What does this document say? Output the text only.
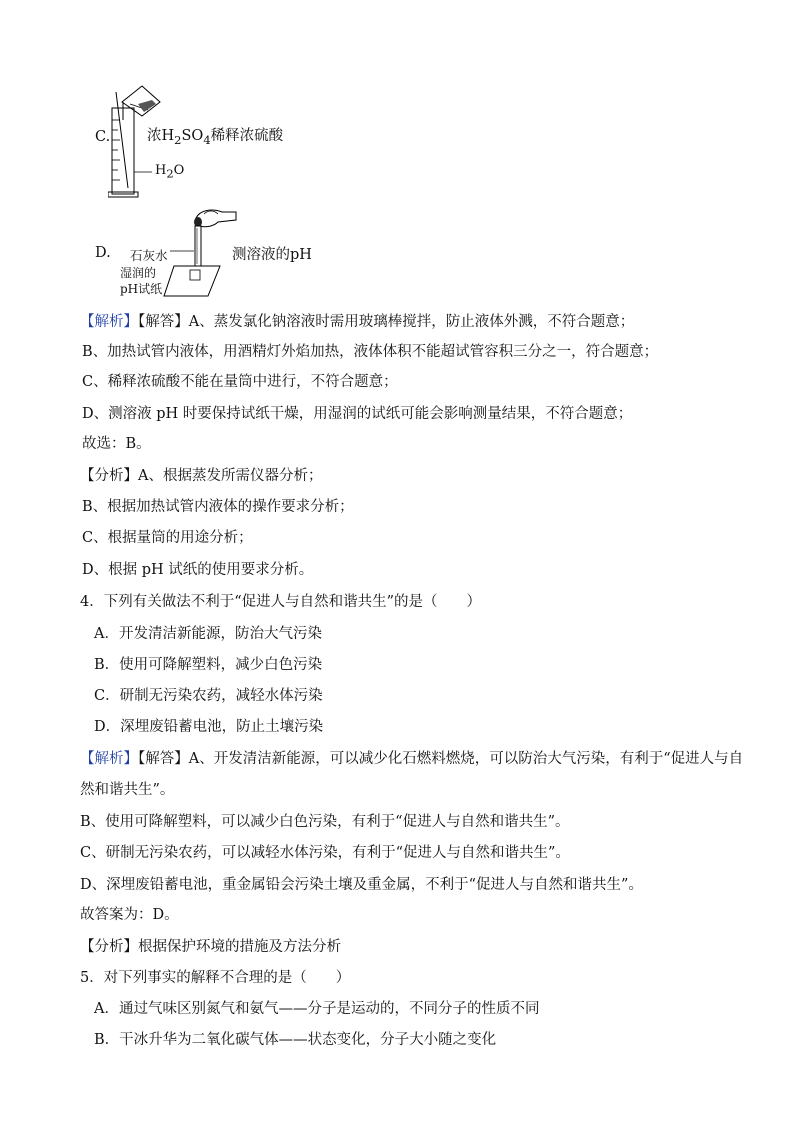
C.	浓$H_2SO_4$稀释浓硫酸
$H_2O$
D. 石灰水
湿润的
pH试纸
测溶液的pH
【解析】【解答】A、蒸发氯化钠溶液时需用玻璃棒搅拌，防止液体外溅，不符合题意；
B、加热试管内液体，用酒精灯外焰加热，液体体积不能超试管容积三分之一，符合题意；
C、稀释浓硫酸不能在量筒中进行，不符合题意；
D、测溶液 pH 时要保持试纸干燥，用湿润的试纸可能会影响测量结果，不符合题意；
故选：B。
【分析】A、根据蒸发所需仪器分析；
B、根据加热试管内液体的操作要求分析；
C、根据量筒的用途分析；
D、根据 pH 试纸的使用要求分析。
4．下列有关做法不利于“促进人与自然和谐共生”的是（　　）
A．开发清洁新能源，防治大气污染
B．使用可降解塑料，减少白色污染
C．研制无污染农药，减轻水体污染
D．深埋废铅蓄电池，防止土壤污染
【解析】【解答】A、开发清洁新能源，可以减少化石燃料燃烧，可以防治大气污染，有利于“促进人与自
然和谐共生”。
B、使用可降解塑料，可以减少白色污染，有利于“促进人与自然和谐共生”。
C、研制无污染农药，可以减轻水体污染，有利于“促进人与自然和谐共生”。
D、深埋废铅蓄电池，重金属铅会污染土壤及重金属，不利于“促进人与自然和谐共生”。
故答案为：D。
【分析】根据保护环境的措施及方法分析
5．对下列事实的解释不合理的是（　　）
A．通过气味区别氮气和氨气——分子是运动的，不同分子的性质不同
B．干冰升华为二氧化碳气体——状态变化，分子大小随之变化
